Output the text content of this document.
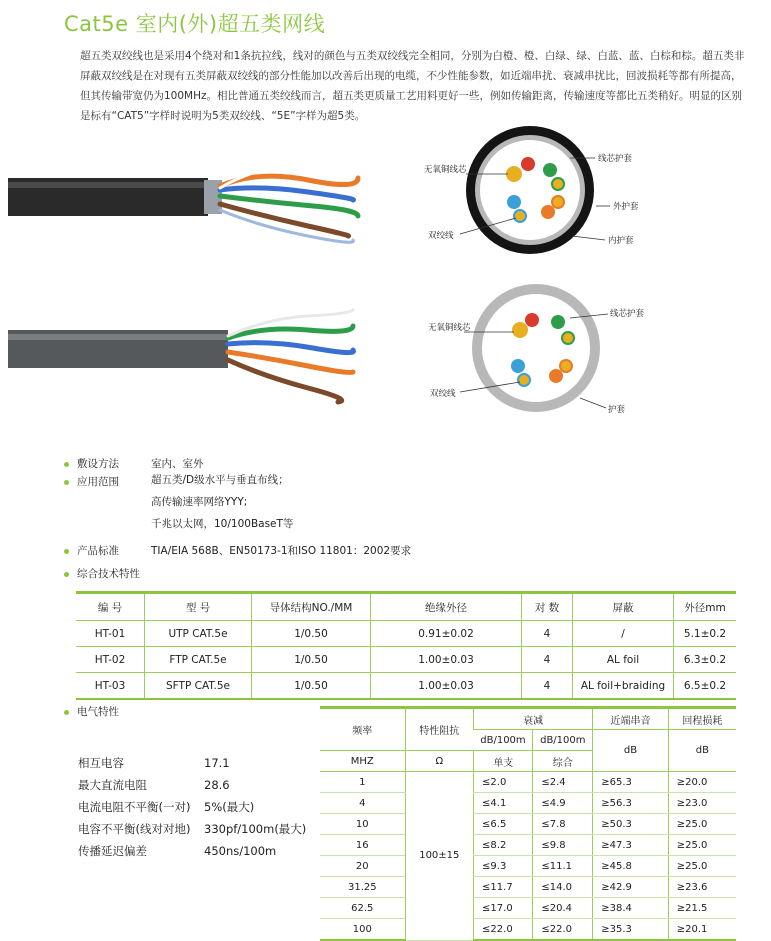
Cat5e 室内(外)超五类网线
超五类双绞线也是采用4个绕对和1条抗拉线，线对的颜色与五类双绞线完全相同，分别为白橙、橙、白绿、绿、白蓝、蓝、白棕和棕。超五类非屏蔽双绞线是在对现有五类屏蔽双绞线的部分性能加以改善后出现的电缆，不少性能参数，如近端串扰、衰减串扰比，回波损耗等都有所提高，但其传输带宽仍为100MHz。相比普通五类绞线而言，超五类更质量工艺用料更好一些，例如传输距离，传输速度等都比五类稍好。明显的区别是标有“CAT5”字样时说明为5类双绞线、“5E”字样为超5类。
无氧铜线芯
线芯护套
外护套
双绞线	内护套
无氧铜线芯
线芯护套
双绞线
护套
敷设方法	室内、室外
应用范围	超五类/D级水平与垂直布线；
高传输速率网络YYY;
千兆以太网，10/100BaseT等
产品标准	TIA/EIA 568B、EN50173-1和ISO 11801：2002要求
综合技术特性
编 号	型 号	导体结构NO./MM	绝缘外径	对 数	屏蔽	外径mm
HT-01	UTP CAT.5e	1/0.50	0.91±0.02	4	/	5.1±0.2
HT-02	FTP CAT.5e	1/0.50	1.00±0.03	4	AL foil	6.3±0.2
HT-03	SFTP CAT.5e	1/0.50	1.00±0.03	4	AL foil+braiding	6.5±0.2
电气特性
相互电容	17.1
最大直流电阻	28.6
电流电阻不平衡(一对)	5%(最大)
电容不平衡(线对对地)	330pf/100m(最大)
传播延迟偏差	450ns/100m
频率	特性阻抗	衰减		近端串音	回程损耗
		dB/100m	dB/100m	dB	dB
MHZ	Ω	单支	综合		
1	100±15	≤2.0	≤2.4	≥65.3	≥20.0
4		≤4.1	≤4.9	≥56.3	≥23.0
10		≤6.5	≤7.8	≥50.3	≥25.0
16		≤8.2	≤9.8	≥47.3	≥25.0
20		≤9.3	≤11.1	≥45.8	≥25.0
31.25		≤11.7	≤14.0	≥42.9	≥23.6
62.5		≤17.0	≤20.4	≥38.4	≥21.5
100		≤22.0	≤22.0	≥35.3	≥20.1
